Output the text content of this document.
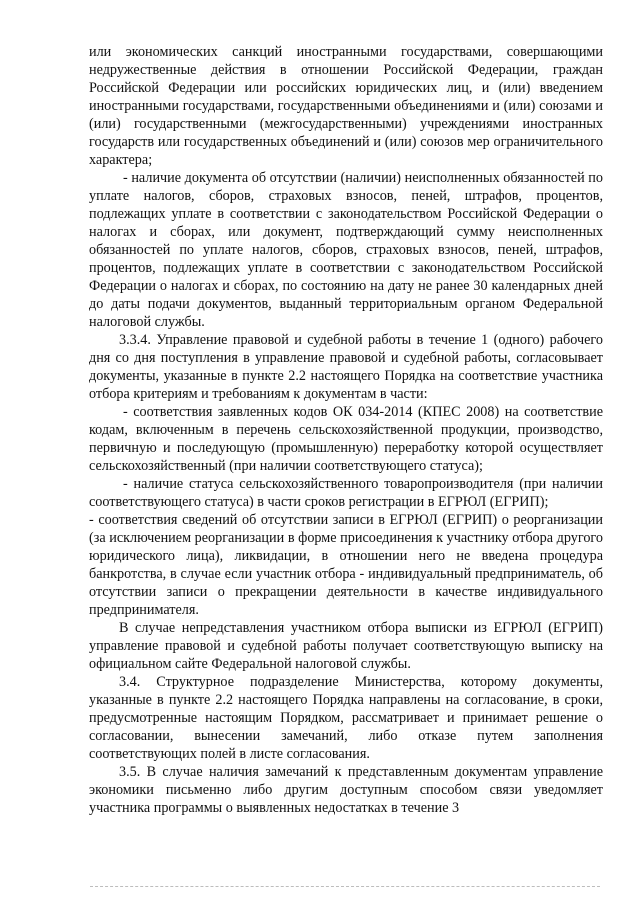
или экономических санкций иностранными государствами, совершающими недружественные действия в отношении Российской Федерации, граждан Российской Федерации или российских юридических лиц, и (или) введением иностранными государствами, государственными объединениями и (или) союзами и (или) государственными (межгосударственными) учреждениями иностранных государств или государственных объединений и (или) союзов мер ограничительного характера;

- наличие документа об отсутствии (наличии) неисполненных обязанностей по уплате налогов, сборов, страховых взносов, пеней, штрафов, процентов, подлежащих уплате в соответствии с законодательством Российской Федерации о налогах и сборах, или документ, подтверждающий сумму неисполненных обязанностей по уплате налогов, сборов, страховых взносов, пеней, штрафов, процентов, подлежащих уплате в соответствии с законодательством Российской Федерации о налогах и сборах, по состоянию на дату не ранее 30 календарных дней до даты подачи документов, выданный территориальным органом Федеральной налоговой службы.

3.3.4. Управление правовой и судебной работы в течение 1 (одного) рабочего дня со дня поступления в управление правовой и судебной работы, согласовывает документы, указанные в пункте 2.2 настоящего Порядка на соответствие участника отбора критериям и требованиям к документам в части:

- соответствия заявленных кодов ОК 034-2014 (КПЕС 2008) на соответствие кодам, включенным в перечень сельскохозяйственной продукции, производство, первичную и последующую (промышленную) переработку которой осуществляет сельскохозяйственный (при наличии соответствующего статуса);

- наличие статуса сельскохозяйственного товаропроизводителя (при наличии соответствующего статуса) в части сроков регистрации в ЕГРЮЛ (ЕГРИП);

- соответствия сведений об отсутствии записи в ЕГРЮЛ (ЕГРИП) о реорганизации (за исключением реорганизации в форме присоединения к участнику отбора другого юридического лица), ликвидации, в отношении него не введена процедура банкротства, в случае если участник отбора - индивидуальный предприниматель, об отсутствии записи о прекращении деятельности в качестве индивидуального предпринимателя.

В случае непредставления участником отбора выписки из ЕГРЮЛ (ЕГРИП) управление правовой и судебной работы получает соответствующую выписку на официальном сайте Федеральной налоговой службы.

3.4. Структурное подразделение Министерства, которому документы, указанные в пункте 2.2 настоящего Порядка направлены на согласование, в сроки, предусмотренные настоящим Порядком, рассматривает и принимает решение о согласовании, вынесении замечаний, либо отказе путем заполнения соответствующих полей в листе согласования.

3.5. В случае наличия замечаний к представленным документам управление экономики письменно либо другим доступным способом связи уведомляет участника программы о выявленных недостатках в течение 3
